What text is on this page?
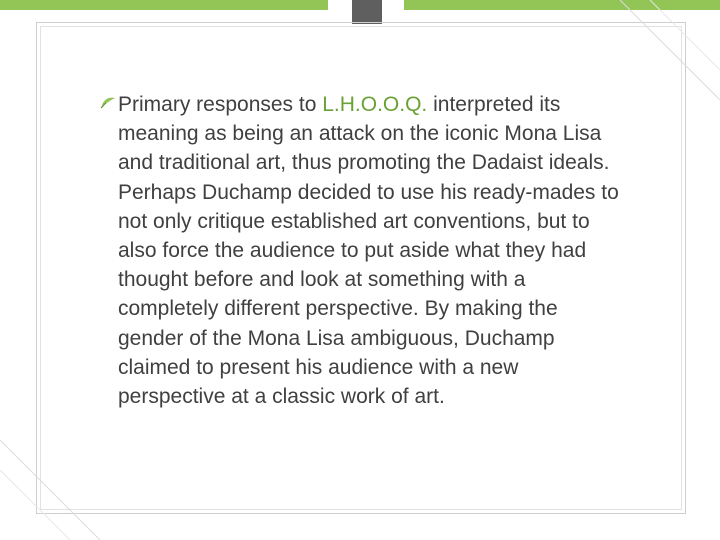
Primary responses to L.H.O.O.Q. interpreted its meaning as being an attack on the iconic Mona Lisa and traditional art, thus promoting the Dadaist ideals. Perhaps Duchamp decided to use his ready-mades to not only critique established art conventions, but to also force the audience to put aside what they had thought before and look at something with a completely different perspective. By making the gender of the Mona Lisa ambiguous, Duchamp claimed to present his audience with a new perspective at a classic work of art.
